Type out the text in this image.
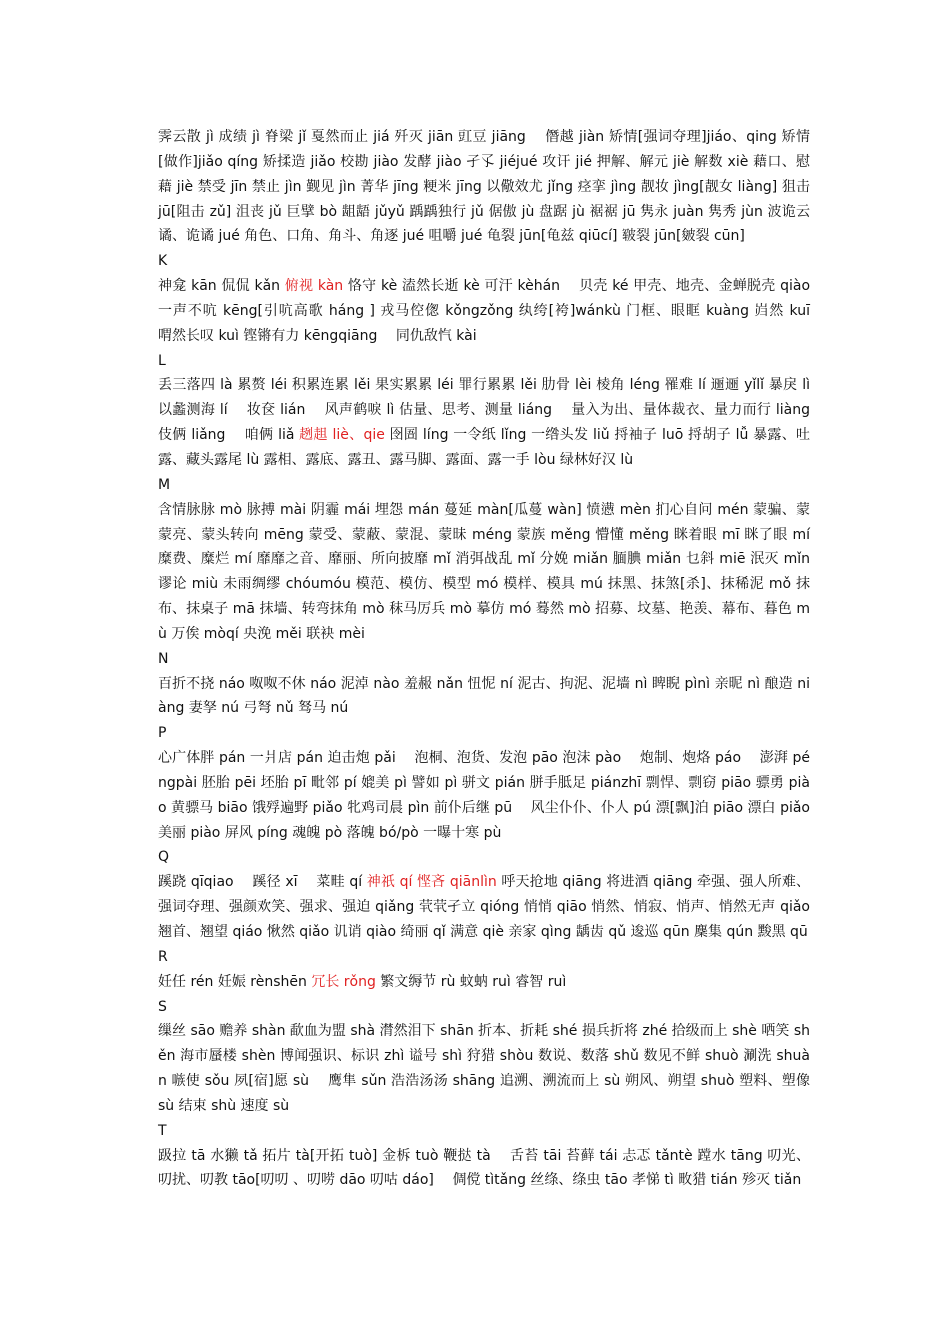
霁云散 jì 成绩 jì 脊梁 jǐ 戛然而止 jiá 歼灭 jiān 豇豆 jiāng　 僭越 jiàn 矫情[强词夺理]jiáo、qing 矫情[做作]jiǎo qíng 矫揉造 jiǎo 校勘 jiào 发酵 jiào 孑孓 jiéjué 攻讦 jié 押解、解元 jiè 解数 xiè 藉口、慰藉 jiè 禁受 jīn 禁止 jìn 觐见 jìn 菁华 jīng 粳米 jīng 以儆效尤 jǐng 痉挛 jìng 靓妆 jìng[靓女 liàng] 狙击 jū[阻击 zǔ] 沮丧 jǔ 巨擘 bò 龃龉 jǔyǔ 踽踽独行 jǔ 倨傲 jù 盘踞 jù 裾裾 jū 隽永 juàn 隽秀 jùn 波诡云谲、诡谲 jué 角色、口角、角斗、角逐 jué 咀嚼 jué 龟裂 jūn[龟兹 qiūcí] 皲裂 jūn[皴裂 cūn]
K
神龛 kān 侃侃 kǎn 俯视 kàn 恪守 kè 溘然长逝 kè 可汗 kèhán　 贝壳 ké 甲壳、地壳、金蝉脱壳 qiào 一声不吭 kēng[引吭高歌 háng ] 戎马倥偬 kǒngzǒng 纨绔[袴]wánkù 门框、眼眶 kuàng 岿然 kuī　 喟然长叹 kuì 铿锵有力 kēngqiāng　 同仇敌忾 kài
L
丢三落四 là 累赘 léi 积累连累 lěi 果实累累 léi 罪行累累 lěi 肋骨 lèi 棱角 léng 罹难 lí 逦逦 yǐlǐ 暴戾 lì 以蠡测海 lí　 妆奁 lián　 风声鹤唳 lì 估量、思考、测量 liáng　 量入为出、量体裁衣、量力而行 liàng 伎俩 liǎng　 咱俩 liǎ 趔趄 liè、qie 囹圄 líng 一令纸 lǐng 一绺头发 liǔ 捋袖子 luō 捋胡子 lǚ 暴露、吐露、藏头露尾 lù 露相、露底、露丑、露马脚、露面、露一手 lòu 绿林好汉 lù
M
含情脉脉 mò 脉搏 mài 阴霾 mái 埋怨 mán 蔓延 màn[瓜蔓 wàn] 愤懑 mèn 扪心自问 mén 蒙骗、蒙蒙亮、蒙头转向 mēng 蒙受、蒙蔽、蒙混、蒙昧 méng 蒙族 měng 懵懂 měng 眯着眼 mī 眯了眼 mí 糜费、糜烂 mí 靡靡之音、靡丽、所向披靡 mǐ 消弭战乱 mǐ 分娩 miǎn 腼腆 miǎn 乜斜 miē 泯灭 mǐn 谬论 miù 未雨绸缪 chóumóu 模范、模仿、模型 mó 模样、模具 mú 抹黑、抹煞[杀]、抹稀泥 mǒ 抹布、抹桌子 mā 抹墙、转弯抹角 mò 秣马厉兵 mò 摹仿 mó 蓦然 mò 招募、坟墓、艳羡、幕布、暮色 mù 万俟 mòqí 央浼 měi 联袂 mèi
N
百折不挠 náo 呶呶不休 náo 泥淖 nào 羞赧 nǎn 忸怩 ní 泥古、拘泥、泥墙 nì 睥睨 pìnì 亲昵 nì 酿造 niàng 妻孥 nú 弓弩 nǔ 驽马 nú
P
心广体胖 pán 一爿店 pán 迫击炮 pǎi　 泡桐、泡货、发泡 pāo 泡沫 pào　 炮制、炮烙 páo　 澎湃 péngpài 胚胎 pēi 坯胎 pī 毗邻 pí 媲美 pì 譬如 pì 骈文 pián 胼手胝足 piánzhī 剽悍、剽窃 piāo 骠勇 piào 黄骠马 biāo 饿殍遍野 piǎo 牝鸡司晨 pìn 前仆后继 pū　 风尘仆仆、仆人 pú 漂[飘]泊 piāo 漂白 piǎo 美丽 piào 屏风 píng 魂魄 pò 落魄 bó/pò 一曝十寒 pù
Q
蹊跷 qīqiao　 蹊径 xī　 菜畦 qí 神祇 qí 悭吝 qiānlìn 呼天抢地 qiāng 将进酒 qiāng 牵强、强人所难、强词夺理、强颜欢笑、强求、强迫 qiǎng 茕茕孑立 qióng 悄悄 qiāo 悄然、悄寂、悄声、悄然无声 qiǎo 翘首、翘望 qiáo 愀然 qiǎo 讥诮 qiào 绮丽 qǐ 满意 qiè 亲家 qìng 龋齿 qǔ 逡巡 qūn 麇集 qún 黢黑 qū
R
妊任 rén 妊娠 rènshēn 冗长 rǒng 繁文缛节 rù 蚊蚋 ruì 睿智 ruì
S
缫丝 sāo 赡养 shàn 歃血为盟 shà 潸然泪下 shān 折本、折耗 shé 损兵折将 zhé 拾级而上 shè 哂笑 shěn 海市蜃楼 shèn 博闻强识、标识 zhì 谥号 shì 狩猎 shòu 数说、数落 shǔ 数见不鲜 shuò 涮洗 shuàn 嗾使 sǒu 夙[宿]愿 sù　 鹰隼 sǔn 浩浩汤汤 shāng 追溯、溯流而上 sù 朔风、朔望 shuò 塑料、塑像 sù 结束 shù 速度 sù
T
趿拉 tā 水獭 tǎ 拓片 tà[开拓 tuò] 金柝 tuò 鞭挞 tà　 舌苔 tāi 苔藓 tái 忐忑 tǎntè 蹚水 tāng 叨光、叨扰、叨教 tāo[叨叨 、叨唠 dāo 叨咕 dáo]　 倜傥 tìtǎng 丝绦、绦虫 tāo 孝悌 tì 畋猎 tián 殄灭 tiǎn
